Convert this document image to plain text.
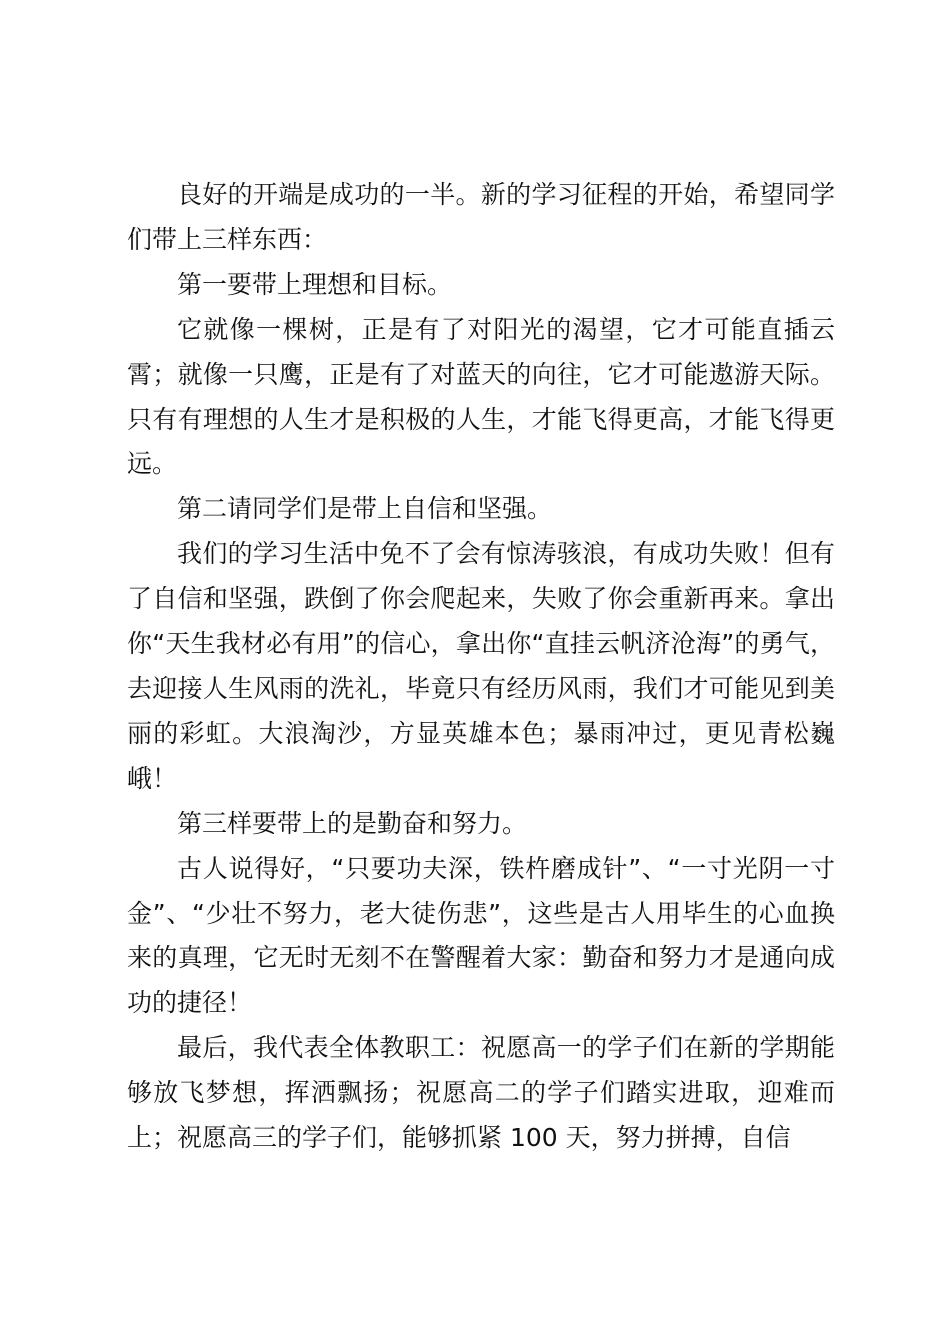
良好的开端是成功的一半。新的学习征程的开始，希望同学们带上三样东西：

第一要带上理想和目标。

它就像一棵树，正是有了对阳光的渴望，它才可能直插云霄；就像一只鹰，正是有了对蓝天的向往，它才可能遨游天际。只有有理想的人生才是积极的人生，才能飞得更高，才能飞得更远。

第二请同学们是带上自信和坚强。

我们的学习生活中免不了会有惊涛骇浪，有成功失败！但有了自信和坚强，跌倒了你会爬起来，失败了你会重新再来。拿出你“天生我材必有用”的信心，拿出你“直挂云帆济沧海”的勇气，去迎接人生风雨的洗礼，毕竟只有经历风雨，我们才可能见到美丽的彩虹。大浪淘沙，方显英雄本色；暴雨冲过，更见青松巍峨！

第三样要带上的是勤奋和努力。

古人说得好，“只要功夫深，铁杵磨成针”、“一寸光阴一寸金”、“少壮不努力，老大徒伤悲”，这些是古人用毕生的心血换来的真理，它无时无刻不在警醒着大家：勤奋和努力才是通向成功的捷径！

最后，我代表全体教职工：祝愿高一的学子们在新的学期能够放飞梦想，挥洒飘扬；祝愿高二的学子们踏实进取，迎难而上；祝愿高三的学子们，能够抓紧 100 天，努力拼搏，自信
